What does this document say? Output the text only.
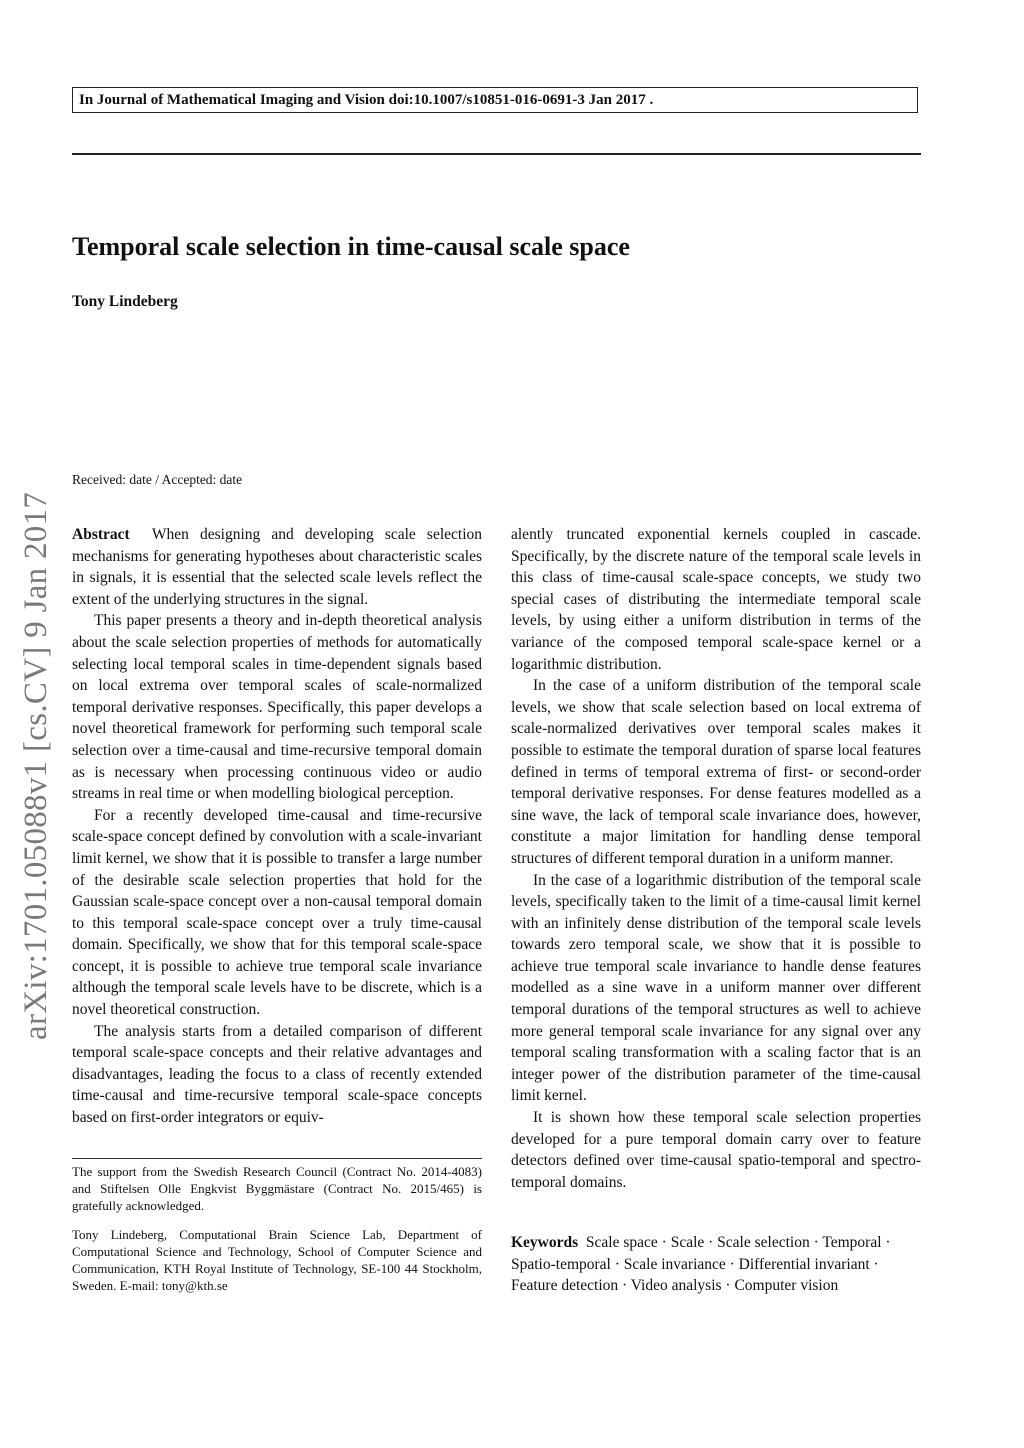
In Journal of Mathematical Imaging and Vision doi:10.1007/s10851-016-0691-3 Jan 2017 .
Temporal scale selection in time-causal scale space
Tony Lindeberg
Received: date / Accepted: date
arXiv:1701.05088v1 [cs.CV] 9 Jan 2017 Abstract When designing and developing scale selection mechanisms for generating hypotheses about characteristic scales in signals, it is essential that the selected scale levels reflect the extent of the underlying structures in the signal.

This paper presents a theory and in-depth theoretical analysis about the scale selection properties of methods for automatically selecting local temporal scales in time-dependent signals based on local extrema over temporal scales of scale-normalized temporal derivative responses. Specifically, this paper develops a novel theoretical framework for performing such temporal scale selection over a time-causal and time-recursive temporal domain as is necessary when processing continuous video or audio streams in real time or when modelling biological perception.

For a recently developed time-causal and time-recursive scale-space concept defined by convolution with a scale-invariant limit kernel, we show that it is possible to transfer a large number of the desirable scale selection properties that hold for the Gaussian scale-space concept over a non-causal temporal domain to this temporal scale-space concept over a truly time-causal domain. Specifically, we show that for this temporal scale-space concept, it is possible to achieve true temporal scale invariance although the temporal scale levels have to be discrete, which is a novel theoretical construction.

The analysis starts from a detailed comparison of different temporal scale-space concepts and their relative advantages and disadvantages, leading the focus to a class of recently extended time-causal and time-recursive temporal scale-space concepts based on first-order integrators or equiv-

alently truncated exponential kernels coupled in cascade. Specifically, by the discrete nature of the temporal scale levels in this class of time-causal scale-space concepts, we study two special cases of distributing the intermediate temporal scale levels, by using either a uniform distribution in terms of the variance of the composed temporal scale-space kernel or a logarithmic distribution.

In the case of a uniform distribution of the temporal scale levels, we show that scale selection based on local extrema of scale-normalized derivatives over temporal scales makes it possible to estimate the temporal duration of sparse local features defined in terms of temporal extrema of first- or second-order temporal derivative responses. For dense features modelled as a sine wave, the lack of temporal scale invariance does, however, constitute a major limitation for handling dense temporal structures of different temporal duration in a uniform manner.

In the case of a logarithmic distribution of the temporal scale levels, specifically taken to the limit of a time-causal limit kernel with an infinitely dense distribution of the temporal scale levels towards zero temporal scale, we show that it is possible to achieve true temporal scale invariance to handle dense features modelled as a sine wave in a uniform manner over different temporal durations of the temporal structures as well to achieve more general temporal scale invariance for any signal over any temporal scaling transformation with a scaling factor that is an integer power of the distribution parameter of the time-causal limit kernel.

It is shown how these temporal scale selection properties developed for a pure temporal domain carry over to feature detectors defined over time-causal spatio-temporal and spectro-temporal domains.

The support from the Swedish Research Council (Contract No. 2014-4083) and Stiftelsen Olle Engkvist Byggmästare (Contract No. 2015/465) is gratefully acknowledged.
Tony Lindeberg, Computational Brain Science Lab, Department of Computational Science and Technology, School of Computer Science and Communication, KTH Royal Institute of Technology, SE-100 44 Stockholm, Sweden. E-mail: tony@kth.se
Keywords Scale space · Scale · Scale selection · Temporal · Spatio-temporal · Scale invariance · Differential invariant · Feature detection · Video analysis · Computer vision
